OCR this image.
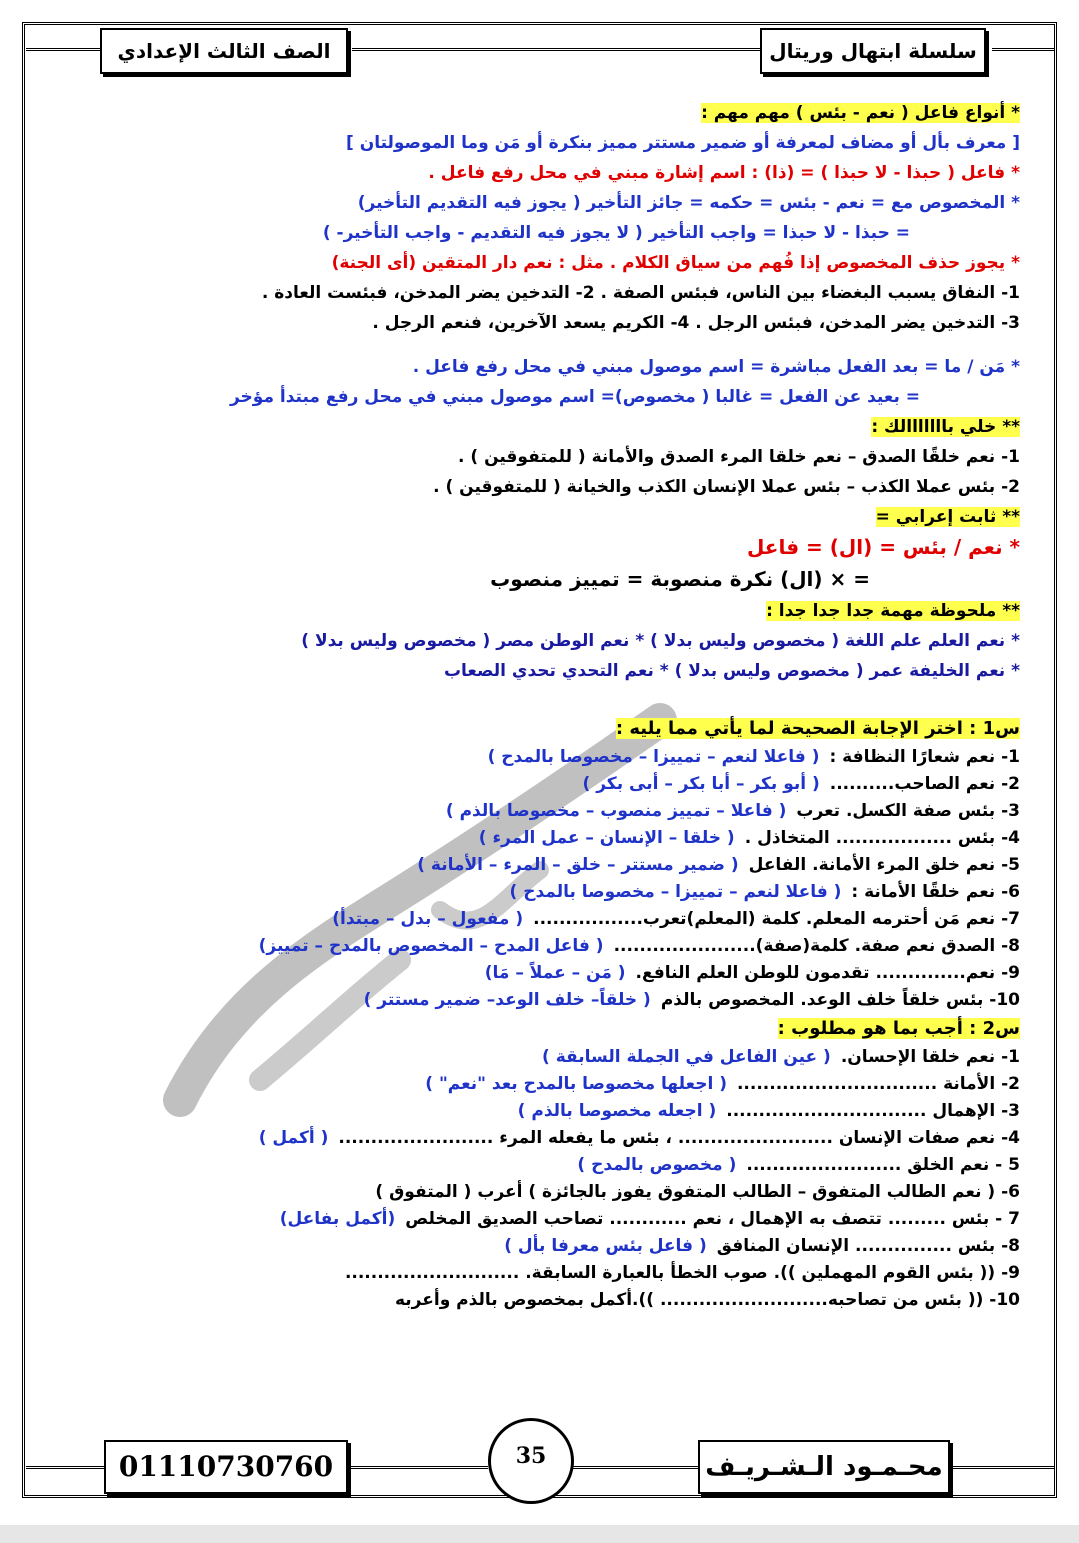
سلسلة ابتهال وريتال
الصف الثالث الإعدادي
* أنواع فاعل ( نعم - بئس ) مهم مهم :
[ معرف بأل أو مضاف لمعرفة أو ضمير مستتر مميز بنكرة أو مَن وما الموصولتان ]
* فاعل ( حبذا - لا حبذا ) = (ذا) : اسم إشارة مبني في محل رفع فاعل .
* المخصوص مع = نعم - بئس = حكمه = جائز التأخير ( يجوز فيه التقديم التأخير)
= حبذا - لا حبذا = واجب التأخير ( لا يجوز فيه التقديم - واجب التأخير- )
* يجوز حذف المخصوص إذا فُهم من سياق الكلام . مثل : نعم دار المتقين (أى الجنة)
1- النفاق يسبب البغضاء بين الناس، فبئس الصفة . 2- التدخين يضر المدخن، فبئست العادة .
3- التدخين يضر المدخن، فبئس الرجل . 4- الكريم يسعد الآخرين، فنعم الرجل .
* مَن / ما = بعد الفعل مباشرة = اسم موصول مبني في محل رفع فاعل .
= بعيد عن الفعل = غالبا ( مخصوص)= اسم موصول مبني في محل رفع مبتدأ مؤخر
** خلي بااااااالك :
1- نعم خلقًا الصدق – نعم خلقا المرء الصدق والأمانة ( للمتفوقين ) .
2- بئس عملا الكذب – بئس عملا الإنسان الكذب والخيانة ( للمتفوقين ) .
** ثابت إعرابي =
* نعم / بئس = (ال) = فاعل
= × (ال) نكرة منصوبة = تمييز منصوب
** ملحوظة مهمة جدا جدا جدا :
* نعم العلم علم اللغة ( مخصوص وليس بدلا ) * نعم الوطن مصر ( مخصوص وليس بدلا )
* نعم الخليفة عمر ( مخصوص وليس بدلا ) * نعم التحدي تحدي الصعاب
س1 : اختر الإجابة الصحيحة لما يأتي مما يليه :
1- نعم شعارًا النظافة :( فاعلا لنعم – تمييزا – مخصوصا بالمدح )
2- نعم الصاحب..........( أبو بكر – أبا بكر – أبى بكر )
3- بئس صفة الكسل. تعرب( فاعلا – تمييز منصوب – مخصوصا بالذم )
4- بئس .................. المتخاذل .( خلقا – الإنسان – عمل المرء )
5- نعم خلق المرء الأمانة. الفاعل( ضمير مستتر – خلق – المرء – الأمانة )
6- نعم خلقًا الأمانة :( فاعلا لنعم – تمييزا – مخصوصا بالمدح )
7- نعم مَن أحترمه المعلم. كلمة (المعلم)تعرب.................( مفعول – بدل – مبتدأ)
8- الصدق نعم صفة. كلمة(صفة)......................( فاعل المدح – المخصوص بالمدح – تمييز)
9- نعم.............. تقدمون للوطن العلم النافع.( مَن – عملاً – مَا)
10- بئس خلقاً خلف الوعد. المخصوص بالذم( خلقاً– خلف الوعد– ضمير مستتر )
س2 : أجب بما هو مطلوب :
1- نعم خلقا الإحسان.( عين الفاعل في الجملة السابقة )
2- الأمانة ...............................( اجعلها مخصوصا بالمدح بعد "نعم" )
3- الإهمال ...............................( اجعله مخصوصا بالذم )
4- نعم صفات الإنسان ........................ ، بئس ما يفعله المرء ........................( أكمل )
5 - نعم الخلق ........................( مخصوص بالمدح )
6- ( نعم الطالب المتفوق – الطالب المتفوق يفوز بالجائزة ) أعرب ( المتفوق )
7 - بئس ......... تتصف به الإهمال ، نعم ............ تصاحب الصديق المخلص(أكمل بفاعل)
8- بئس ............... الإنسان المنافق( فاعل بئس معرفا بأل )
9- (( بئس القوم المهملين )). صوب الخطأ بالعبارة السابقة. ...........................
10- (( بئس من تصاحبه.......................... )).أكمل بمخصوص بالذم وأعربه
محـمـود الـشـريـف
01110730760	35
